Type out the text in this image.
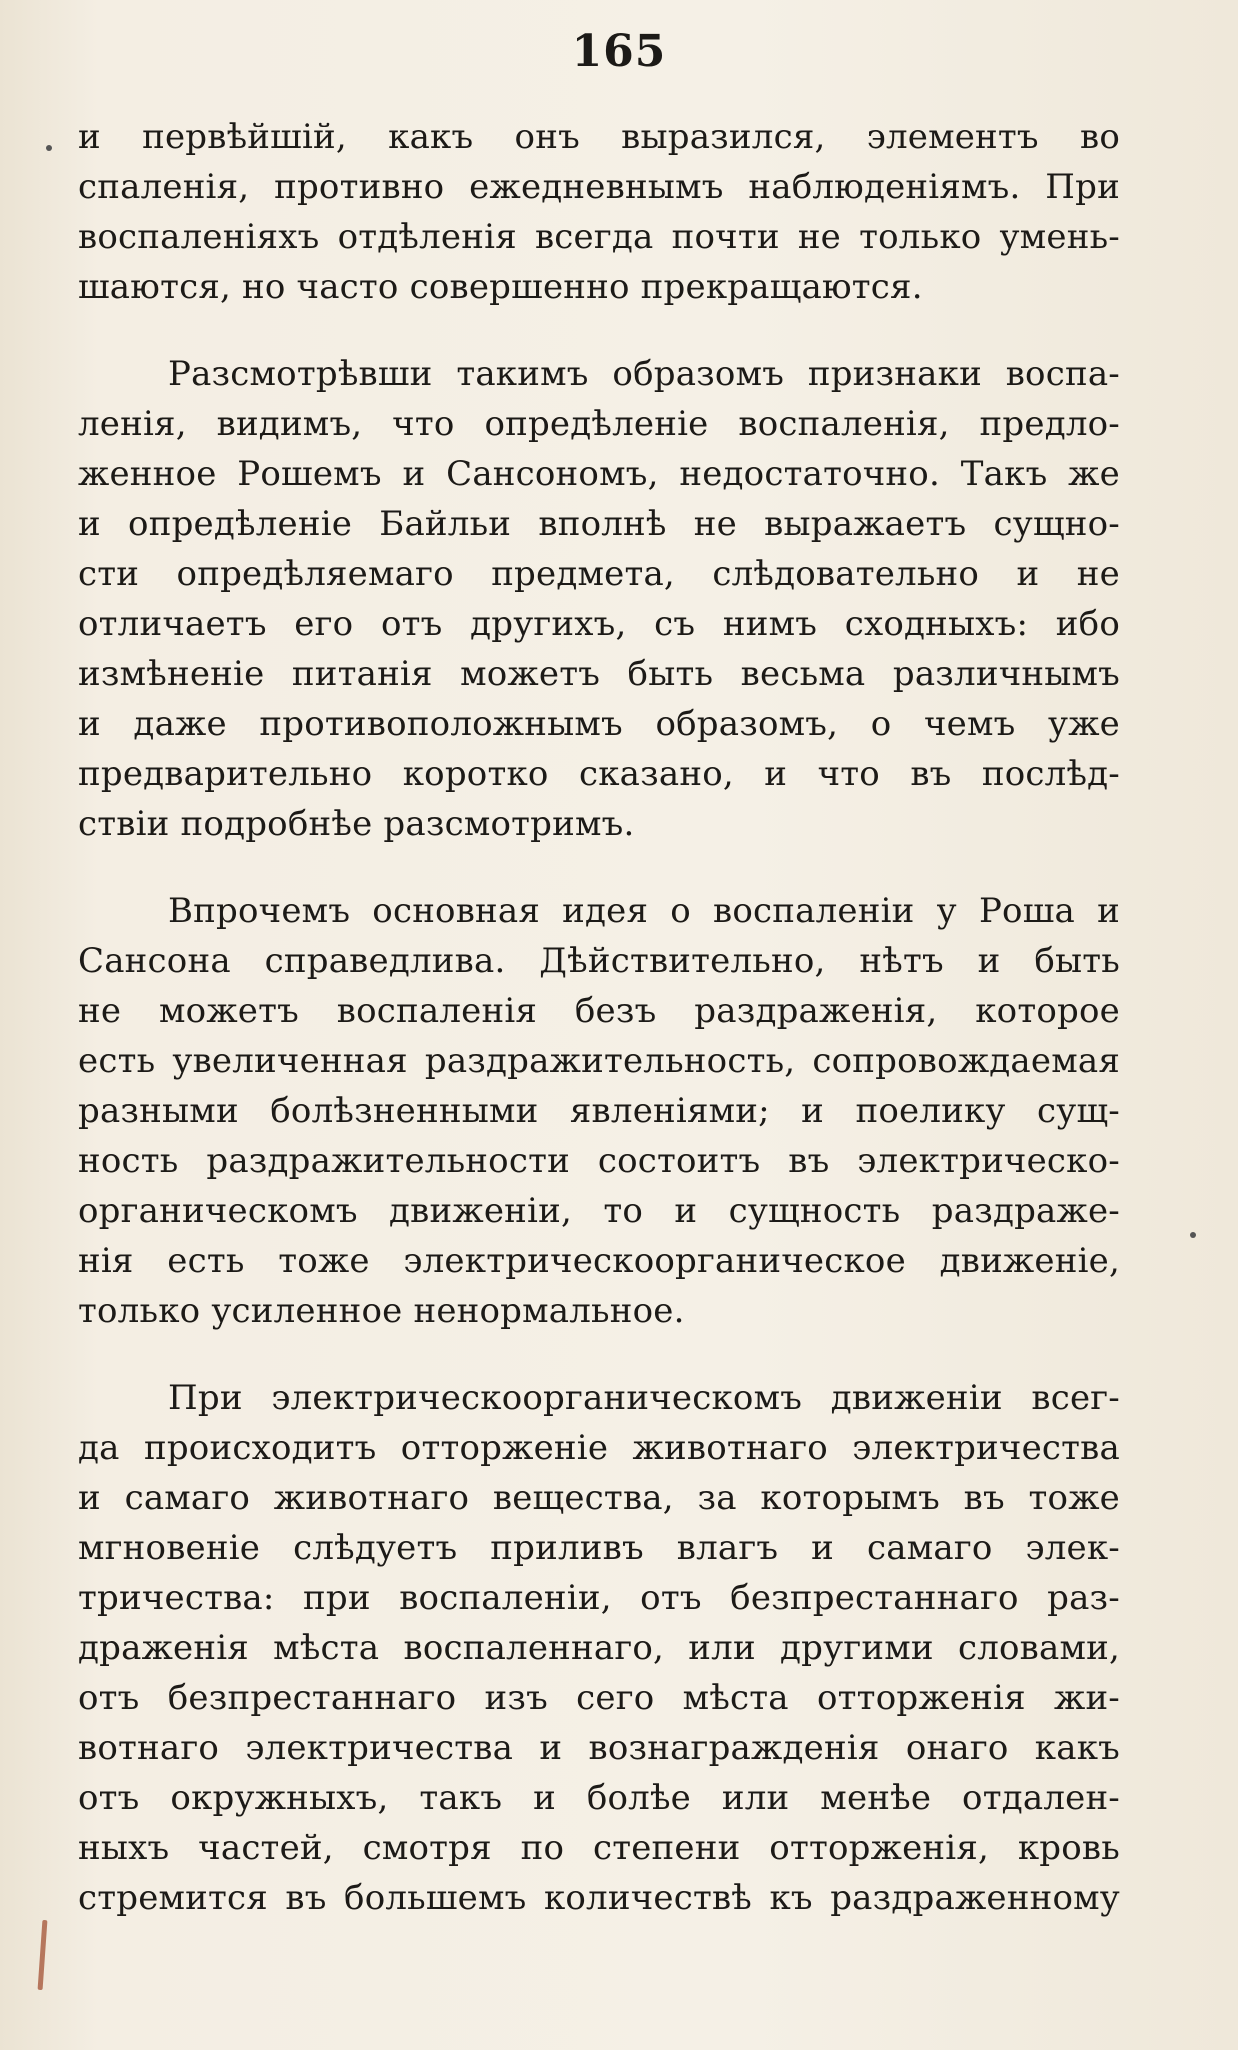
165
и первѣйшій, какъ онъ выразился, элементъ во
спаленія, противно ежедневнымъ наблюденіямъ. При
воспаленіяхъ отдѣленія всегда почти не только умень-
шаются, но часто совершенно прекращаются.
Разсмотрѣвши такимъ образомъ признаки воспа-
ленія, видимъ, что опредѣленіе воспаленія, предло-
женное Рошемъ и Сансономъ, недостаточно. Такъ же
и опредѣленіе Байльи вполнѣ не выражаетъ сущно-
сти опредѣляемаго предмета, слѣдовательно и не
отличаетъ его отъ другихъ, съ нимъ сходныхъ: ибо
измѣненіе питанія можетъ быть весьма различнымъ
и даже противоположнымъ образомъ, о чемъ уже
предварительно коротко сказано, и что въ послѣд-
ствіи подробнѣе разсмотримъ.
Впрочемъ основная идея о воспаленіи у Роша и
Сансона справедлива. Дѣйствительно, нѣтъ и быть
не можетъ воспаленія безъ раздраженія, которое
есть увеличенная раздражительность, сопровождаемая
разными болѣзненными явленіями; и поелику сущ-
ность раздражительности состоитъ въ электрическо-
органическомъ движеніи, то и сущность раздраже-
нія есть тоже электрическоорганическое движеніе,
только усиленное ненормальное.
При электрическоорганическомъ движеніи всег-
да происходитъ отторженіе животнаго электричества
и самаго животнаго вещества, за которымъ въ тоже
мгновеніе слѣдуетъ приливъ влагъ и самаго элек-
тричества: при воспаленіи, отъ безпрестаннаго раз-
драженія мѣста воспаленнаго, или другими словами,
отъ безпрестаннаго изъ сего мѣста отторженія жи-
вотнаго электричества и вознагражденія онаго какъ
отъ окружныхъ, такъ и болѣе или менѣе отдален-
ныхъ частей, смотря по степени отторженія, кровь
стремится въ большемъ количествѣ къ раздраженному
